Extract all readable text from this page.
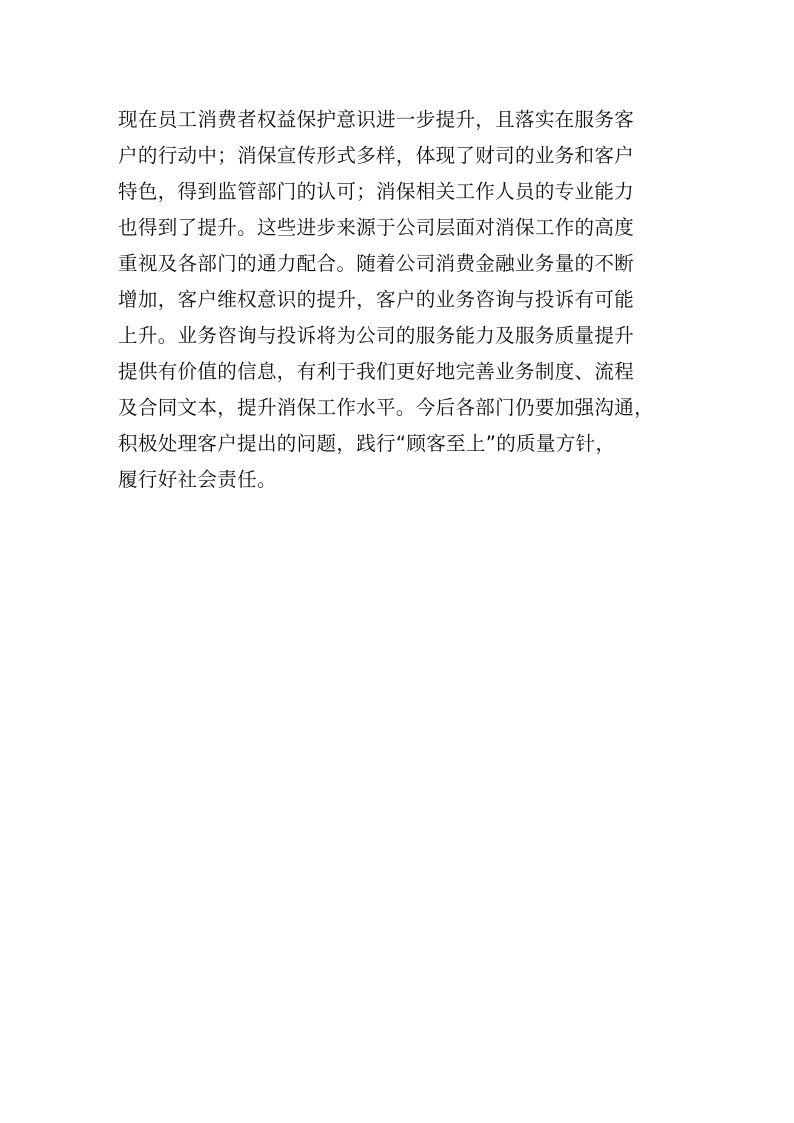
现在员工消费者权益保护意识进一步提升，且落实在服务客
户的行动中；消保宣传形式多样，体现了财司的业务和客户
特色，得到监管部门的认可；消保相关工作人员的专业能力
也得到了提升。这些进步来源于公司层面对消保工作的高度
重视及各部门的通力配合。随着公司消费金融业务量的不断
增加，客户维权意识的提升，客户的业务咨询与投诉有可能
上升。业务咨询与投诉将为公司的服务能力及服务质量提升
提供有价值的信息，有利于我们更好地完善业务制度、流程
及合同文本，提升消保工作水平。今后各部门仍要加强沟通，
积极处理客户提出的问题，践行“顾客至上”的质量方针，
履行好社会责任。
